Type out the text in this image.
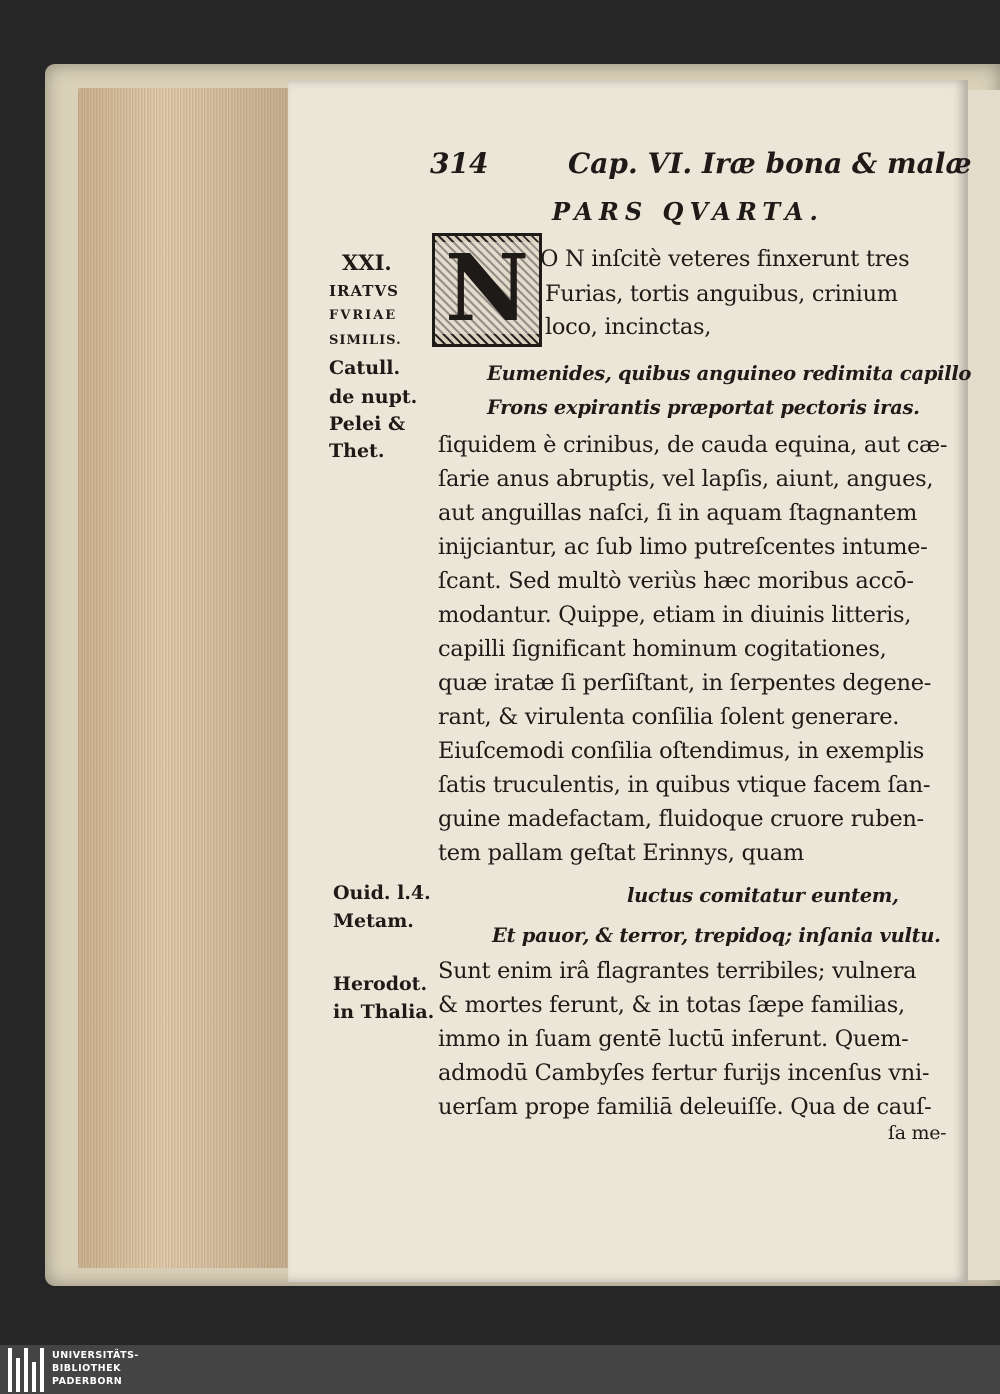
314	Cap. VI. Iræ bona & malæ
PARS QVARTA.
N
XXI.
IRATVS
FVRIAE
SIMILIS.
Catull.
de nupt.
Pelei &
Thet.
Ouid. l.4.
Metam.
Herodot.
in Thalia.
O N inſcitè veteres finxerunt tres
Furias, tortis anguibus, crinium
loco, incinctas,
Eumenides, quibus anguineo redimita capillo
Frons expirantis præportat pectoris iras.
ſiquidem è crinibus, de cauda equina, aut cæ-
ſarie anus abruptis, vel lapſis, aiunt, angues,
aut anguillas naſci, ſi in aquam ſtagnantem
inijciantur, ac ſub limo putreſcentes intume-
ſcant. Sed multò veriùs hæc moribus accō-
modantur. Quippe, etiam in diuinis litteris,
capilli ſignificant hominum cogitationes,
quæ iratæ ſi perſiſtant, in ſerpentes degene-
rant, & virulenta conſilia ſolent generare.
Eiuſcemodi conſilia oſtendimus, in exemplis
ſatis truculentis, in quibus vtique facem ſan-
guine madefactam, fluidoque cruore ruben-
tem pallam geſtat Erinnys, quam
luctus comitatur euntem,
Et pauor, & terror, trepidoq; inſania vultu.
Sunt enim irâ flagrantes terribiles; vulnera
& mortes ferunt, & in totas ſæpe familias,
immo in ſuam gentē luctū inferunt. Quem-
admodū Cambyſes fertur furijs incenſus vni-
uerſam prope familiā deleuiſſe. Qua de cauſ-
ſa me-
UNIVERSITÄTS-
BIBLIOTHEK
PADERBORN
